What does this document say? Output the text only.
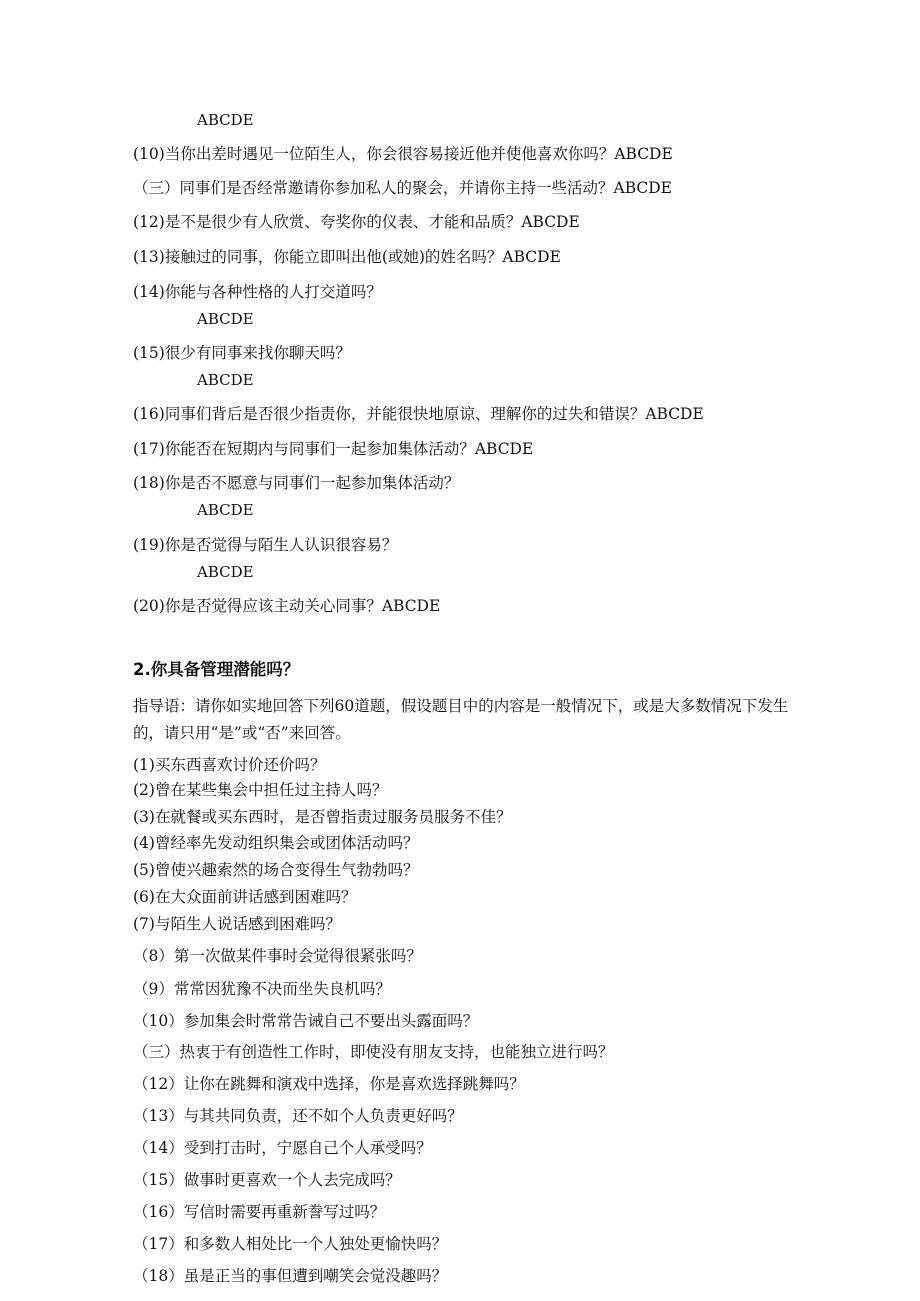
ABCDE
(10)当你出差时遇见一位陌生人，你会很容易接近他并使他喜欢你吗？ABCDE
（三）同事们是否经常邀请你参加私人的聚会，并请你主持一些活动？ABCDE
(12)是不是很少有人欣赏、夸奖你的仪表、才能和品质？ABCDE
(13)接触过的同事，你能立即叫出他(或她)的姓名吗？ABCDE
(14)你能与各种性格的人打交道吗？
ABCDE
(15)很少有同事来找你聊天吗？
ABCDE
(16)同事们背后是否很少指责你，并能很快地原谅、理解你的过失和错误？ABCDE
(17)你能否在短期内与同事们一起参加集体活动？ABCDE
(18)你是否不愿意与同事们一起参加集体活动？
ABCDE
(19)你是否觉得与陌生人认识很容易？
ABCDE
(20)你是否觉得应该主动关心同事？ABCDE
2.你具备管理潜能吗？
指导语：请你如实地回答下列60道题，假设题目中的内容是一般情况下，或是大多数情况下发生的，请只用“是”或“否”来回答。
(1)买东西喜欢讨价还价吗？
(2)曾在某些集会中担任过主持人吗？
(3)在就餐或买东西时，是否曾指责过服务员服务不佳？
(4)曾经率先发动组织集会或团体活动吗？
(5)曾使兴趣索然的场合变得生气勃勃吗？
(6)在大众面前讲话感到困难吗？
(7)与陌生人说话感到困难吗？
（8）第一次做某件事时会觉得很紧张吗？
（9）常常因犹豫不决而坐失良机吗？
（10）参加集会时常常告诫自己不要出头露面吗？
（三）热衷于有创造性工作时，即使没有朋友支持，也能独立进行吗？
（12）让你在跳舞和演戏中选择，你是喜欢选择跳舞吗？
（13）与其共同负责，还不如个人负责更好吗？
（14）受到打击时，宁愿自己个人承受吗？
（15）做事时更喜欢一个人去完成吗？
（16）写信时需要再重新誊写过吗？
（17）和多数人相处比一个人独处更愉快吗？
（18）虽是正当的事但遭到嘲笑会觉没趣吗？
